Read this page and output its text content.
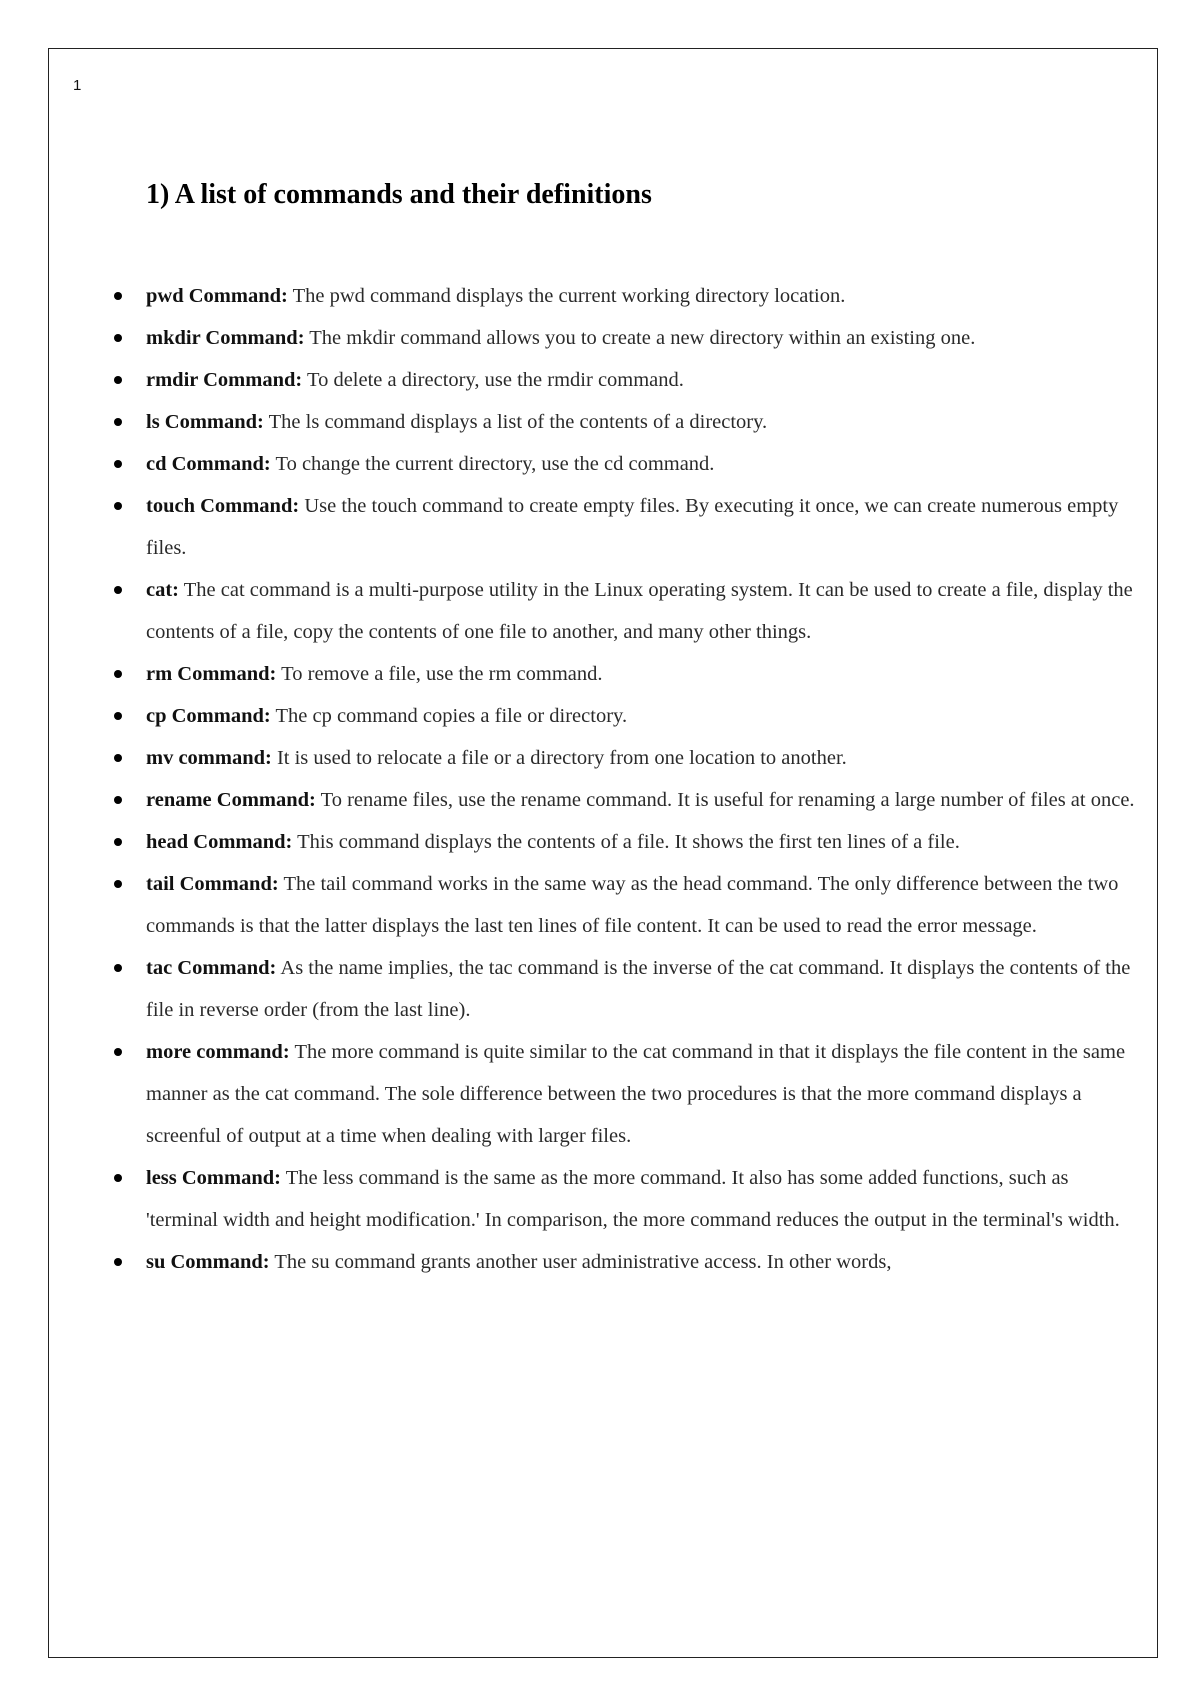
1
1) A list of commands and their definitions
pwd Command: The pwd command displays the current working directory location.
mkdir Command: The mkdir command allows you to create a new directory within an existing one.
rmdir Command: To delete a directory, use the rmdir command.
ls Command: The ls command displays a list of the contents of a directory.
cd Command: To change the current directory, use the cd command.
touch Command: Use the touch command to create empty files. By executing it once, we can create numerous empty files.
cat: The cat command is a multi-purpose utility in the Linux operating system. It can be used to create a file, display the contents of a file, copy the contents of one file to another, and many other things.
rm Command: To remove a file, use the rm command.
cp Command: The cp command copies a file or directory.
mv command: It is used to relocate a file or a directory from one location to another.
rename Command: To rename files, use the rename command. It is useful for renaming a large number of files at once.
head Command: This command displays the contents of a file. It shows the first ten lines of a file.
tail Command: The tail command works in the same way as the head command. The only difference between the two commands is that the latter displays the last ten lines of file content. It can be used to read the error message.
tac Command: As the name implies, the tac command is the inverse of the cat command. It displays the contents of the file in reverse order (from the last line).
more command: The more command is quite similar to the cat command in that it displays the file content in the same manner as the cat command. The sole difference between the two procedures is that the more command displays a screenful of output at a time when dealing with larger files.
less Command: The less command is the same as the more command. It also has some added functions, such as 'terminal width and height modification.' In comparison, the more command reduces the output in the terminal's width.
su Command: The su command grants another user administrative access. In other words,
